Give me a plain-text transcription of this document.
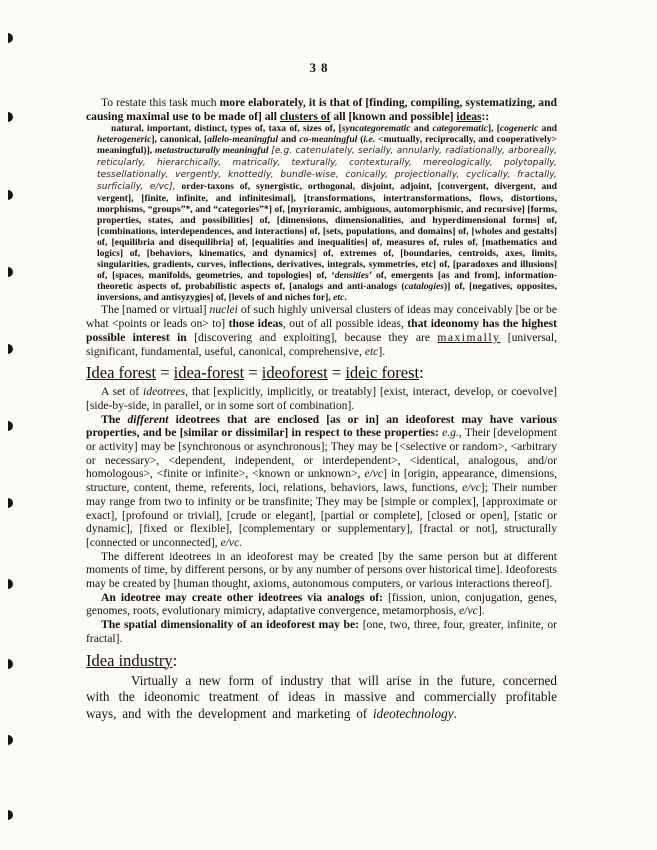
38
To restate this task much more elaborately, it is that of [finding, compiling, systematizing, and causing maximal use to be made of] all clusters of all [known and possible] ideas::
natural, important, distinct, types of, taxa of, sizes of, [syncategorematic and categorematic], [cogeneric and heterogeneric], canonical, [allelo-meaningful and co-meaningful (i.e. <mutually, reciprocally, and cooperatively> meaningful)], metastructurally meaningful [e.g. catenulately, serially, annularly, radiationally, arboreally, reticularly, hierarchically, matrically, texturally, contexturally, mereologically, polytopally, tessellationally, vergently, knottedly, bundle-wise, conically, projectionally, cyclically, fractally, surficially, e/vc], order-taxons of, synergistic, orthogonal, disjoint, adjoint, [convergent, divergent, and vergent], [finite, infinite, and infinitesimal], [transformations, intertransformations, flows, distortions, morphisms, “groups”*, and “categories”*] of, [myrioramic, ambiguous, automorphismic, and recursive] [forms, properties, states, and possibilities] of, [dimensions, dimensionalities, and hyperdimensional forms] of, [combinations, interdependences, and interactions] of, [sets, populations, and domains] of, [wholes and gestalts] of, [equilibria and disequilibria] of, [equalities and inequalities] of, measures of, rules of, [mathematics and logics] of, [behaviors, kinematics, and dynamics] of, extremes of, [boundaries, centroids, axes, limits, singularities, gradients, curves, inflections, derivatives, integrals, symmetries, etc] of, [paradoxes and illusions] of, [spaces, manifolds, geometries, and topologies] of, ‘densities’ of, emergents [as and from], information-theoretic aspects of, probabilistic aspects of, [analogs and anti-analogs (catalogies)] of, [negatives, opposites, inversions, and antisyzygies] of, [levels of and niches for], etc.
The [named or virtual] nuclei of such highly universal clusters of ideas may conceivably [be or be what <points or leads on> to] those ideas, out of all possible ideas, that ideonomy has the highest possible interest in [discovering and exploiting], because they are maximally [universal, significant, fundamental, useful, canonical, comprehensive, etc].
Idea forest = idea-forest = ideoforest = ideic forest:
A set of ideotrees, that [explicitly, implicitly, or treatably] [exist, interact, develop, or coevolve] [side-by-side, in parallel, or in some sort of combination].
The different ideotrees that are enclosed [as or in] an ideoforest may have various properties, and be [similar or dissimilar] in respect to these properties: e.g., Their [development or activity] may be [synchronous or asynchronous]; They may be [<selective or random>, <arbitrary or necessary>, <dependent, independent, or interdependent>, <identical, analogous, and/or homologous>, <finite or infinite>, <known or unknown>, e/vc] in [origin, appearance, dimensions, structure, content, theme, referents, loci, relations, behaviors, laws, functions, e/vc]; Their number may range from two to infinity or be transfinite; They may be [simple or complex], [approximate or exact], [profound or trivial], [crude or elegant], [partial or complete], [closed or open], [static or dynamic], [fixed or flexible], [complementary or supplementary], [fractal or not], structurally [connected or unconnected], e/vc.
The different ideotrees in an ideoforest may be created [by the same person but at different moments of time, by different persons, or by any number of persons over historical time]. Ideoforests may be created by [human thought, axioms, autonomous computers, or various interactions thereof].
An ideotree may create other ideotrees via analogs of: [fission, union, conjugation, genes, genomes, roots, evolutionary mimicry, adaptative convergence, metamorphosis, e/vc].
The spatial dimensionality of an ideoforest may be: [one, two, three, four, greater, infinite, or fractal].
Idea industry:
Virtually a new form of industry that will arise in the future, concerned with the ideonomic treatment of ideas in massive and commercially profitable ways, and with the development and marketing of ideotechnology.
